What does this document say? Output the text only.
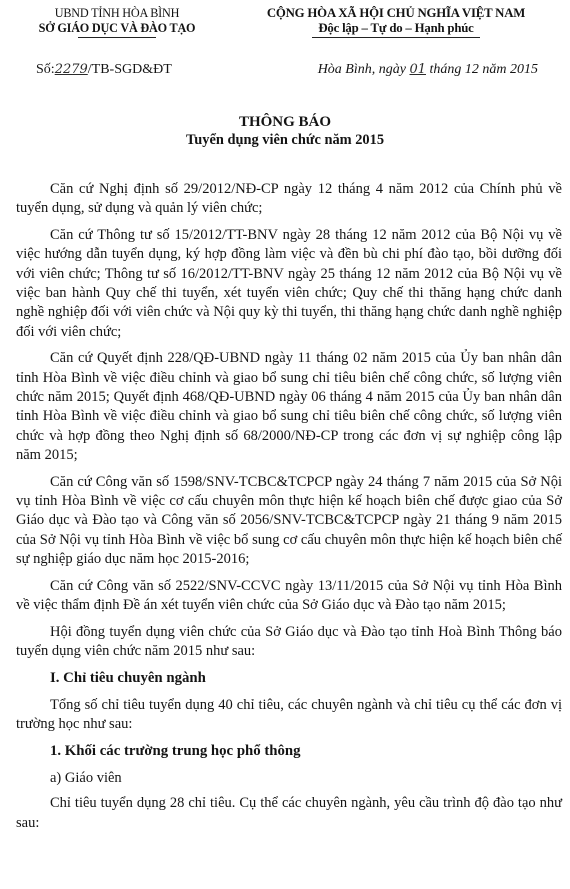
UBND TỈNH HÒA BÌNH
SỞ GIÁO DỤC VÀ ĐÀO TẠO
CỘNG HÒA XÃ HỘI CHỦ NGHĨA VIỆT NAM
Độc lập – Tự do – Hạnh phúc
Số:2279/TB-SGD&ĐT	Hòa Bình, ngày 01 tháng 12 năm 2015
THÔNG BÁO
Tuyển dụng viên chức năm 2015

Căn cứ Nghị định số 29/2012/NĐ-CP ngày 12 tháng 4 năm 2012 của Chính phủ về tuyển dụng, sử dụng và quản lý viên chức;

Căn cứ Thông tư số 15/2012/TT-BNV ngày 28 tháng 12 năm 2012 của Bộ Nội vụ về việc hướng dẫn tuyển dụng, ký hợp đồng làm việc và đền bù chi phí đào tạo, bồi dưỡng đối với viên chức; Thông tư số 16/2012/TT-BNV ngày 25 tháng 12 năm 2012 của Bộ Nội vụ về việc ban hành Quy chế thi tuyển, xét tuyển viên chức; Quy chế thi thăng hạng chức danh nghề nghiệp đối với viên chức và Nội quy kỳ thi tuyển, thi thăng hạng chức danh nghề nghiệp đối với viên chức;

Căn cứ Quyết định 228/QĐ-UBND ngày 11 tháng 02 năm 2015 của Ủy ban nhân dân tỉnh Hòa Bình về việc điều chỉnh và giao bổ sung chỉ tiêu biên chế công chức, số lượng viên chức năm 2015; Quyết định 468/QĐ-UBND ngày 06 tháng 4 năm 2015 của Ủy ban nhân dân tỉnh Hòa Bình về việc điều chỉnh và giao bổ sung chỉ tiêu biên chế công chức, số lượng viên chức và hợp đồng theo Nghị định số 68/2000/NĐ-CP trong các đơn vị sự nghiệp công lập năm 2015;

Căn cứ Công văn số 1598/SNV-TCBC&TCPCP ngày 24 tháng 7 năm 2015 của Sở Nội vụ tỉnh Hòa Bình về việc cơ cấu chuyên môn thực hiện kế hoạch biên chế được giao của Sở Giáo dục và Đào tạo và Công văn số 2056/SNV-TCBC&TCPCP ngày 21 tháng 9 năm 2015 của Sở Nội vụ tỉnh Hòa Bình về việc bổ sung cơ cấu chuyên môn thực hiện kế hoạch biên chế sự nghiệp giáo dục năm học 2015-2016;

Căn cứ Công văn số 2522/SNV-CCVC ngày 13/11/2015 của Sở Nội vụ tỉnh Hòa Bình về việc thẩm định Đề án xét tuyển viên chức của Sở Giáo dục và Đào tạo năm 2015;

Hội đồng tuyển dụng viên chức của Sở Giáo dục và Đào tạo tỉnh Hoà Bình Thông báo tuyển dụng viên chức năm 2015 như sau:

I. Chỉ tiêu chuyên ngành

Tổng số chỉ tiêu tuyển dụng 40 chỉ tiêu, các chuyên ngành và chỉ tiêu cụ thể các đơn vị trường học như sau:

1. Khối các trường trung học phổ thông

a) Giáo viên

Chỉ tiêu tuyển dụng 28 chỉ tiêu. Cụ thể các chuyên ngành, yêu cầu trình độ đào tạo như sau:
